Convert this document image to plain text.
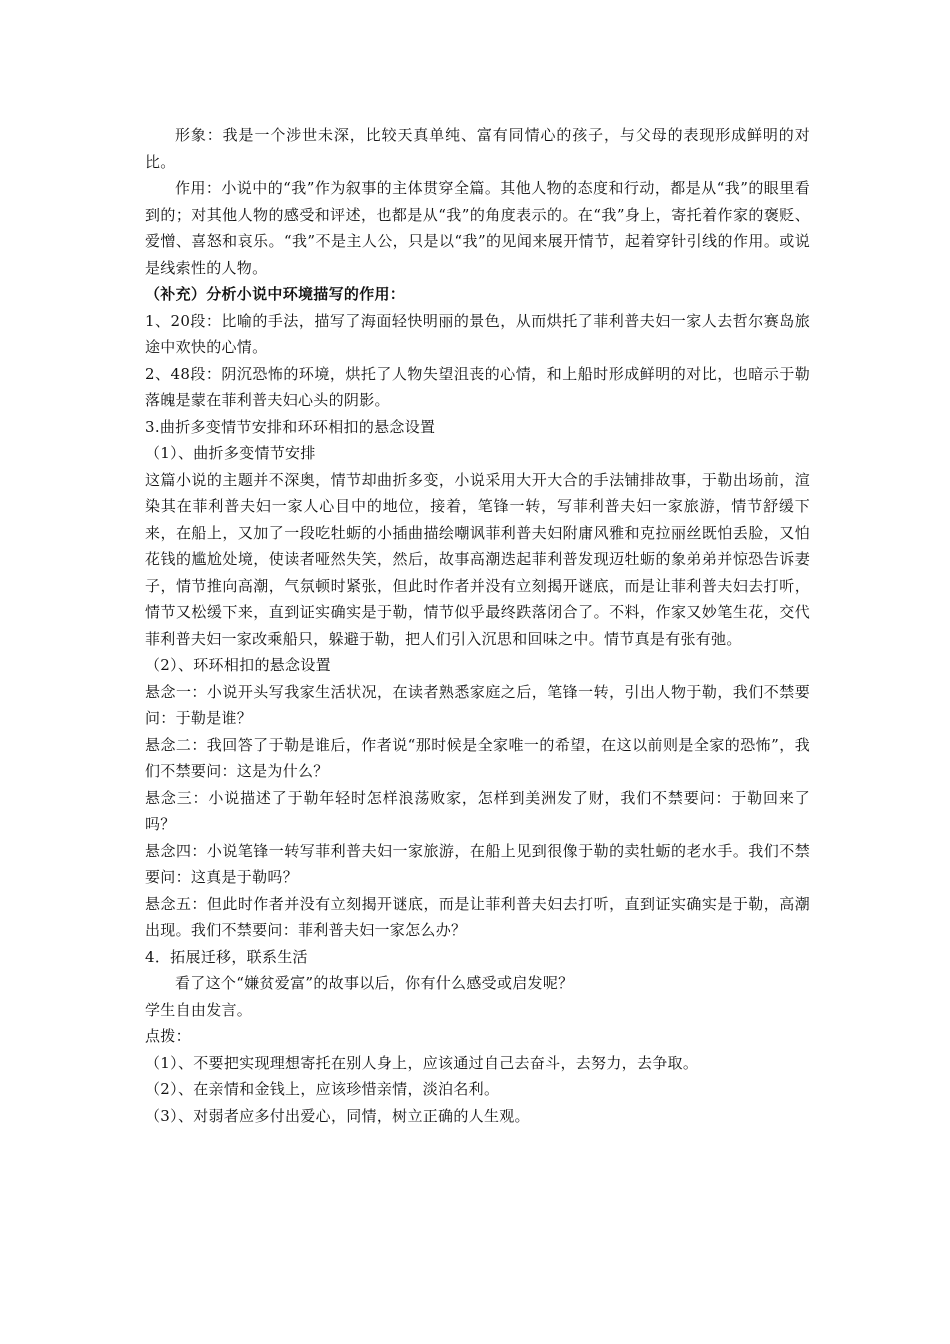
形象：我是一个涉世未深，比较天真单纯、富有同情心的孩子，与父母的表现形成鲜明的对比。

作用：小说中的“我”作为叙事的主体贯穿全篇。其他人物的态度和行动，都是从“我”的眼里看到的；对其他人物的感受和评述，也都是从“我”的角度表示的。在“我”身上，寄托着作家的褒贬、爱憎、喜怒和哀乐。“我”不是主人公，只是以“我”的见闻来展开情节，起着穿针引线的作用。或说是线索性的人物。

（补充）分析小说中环境描写的作用：

1、20段：比喻的手法，描写了海面轻快明丽的景色，从而烘托了菲利普夫妇一家人去哲尔赛岛旅途中欢快的心情。

2、48段：阴沉恐怖的环境，烘托了人物失望沮丧的心情，和上船时形成鲜明的对比，也暗示于勒落魄是蒙在菲利普夫妇心头的阴影。

3.曲折多变情节安排和环环相扣的悬念设置

（1）、曲折多变情节安排

这篇小说的主题并不深奥，情节却曲折多变，小说采用大开大合的手法铺排故事，于勒出场前，渲染其在菲利普夫妇一家人心目中的地位，接着，笔锋一转，写菲利普夫妇一家旅游，情节舒缓下来，在船上，又加了一段吃牡蛎的小插曲描绘嘲讽菲利普夫妇附庸风雅和克拉丽丝既怕丢脸，又怕花钱的尴尬处境，使读者哑然失笑，然后，故事高潮迭起菲利普发现迈牡蛎的象弟弟并惊恐告诉妻子，情节推向高潮，气氛顿时紧张，但此时作者并没有立刻揭开谜底，而是让菲利普夫妇去打听，情节又松缓下来，直到证实确实是于勒，情节似乎最终跌落闭合了。不料，作家又妙笔生花，交代菲利普夫妇一家改乘船只，躲避于勒，把人们引入沉思和回味之中。情节真是有张有弛。

（2）、环环相扣的悬念设置

悬念一：小说开头写我家生活状况，在读者熟悉家庭之后，笔锋一转，引出人物于勒，我们不禁要问：于勒是谁？

悬念二：我回答了于勒是谁后，作者说“那时候是全家唯一的希望，在这以前则是全家的恐怖”，我们不禁要问：这是为什么？

悬念三：小说描述了于勒年轻时怎样浪荡败家，怎样到美洲发了财，我们不禁要问：于勒回来了吗？

悬念四：小说笔锋一转写菲利普夫妇一家旅游，在船上见到很像于勒的卖牡蛎的老水手。我们不禁要问：这真是于勒吗？

悬念五：但此时作者并没有立刻揭开谜底，而是让菲利普夫妇去打听，直到证实确实是于勒，高潮出现。我们不禁要问：菲利普夫妇一家怎么办？

4．拓展迁移，联系生活

看了这个“嫌贫爱富”的故事以后，你有什么感受或启发呢？

学生自由发言。

点拨：

（1）、不要把实现理想寄托在别人身上，应该通过自己去奋斗，去努力，去争取。

（2）、在亲情和金钱上，应该珍惜亲情，淡泊名利。

（3）、对弱者应多付出爱心，同情，树立正确的人生观。
